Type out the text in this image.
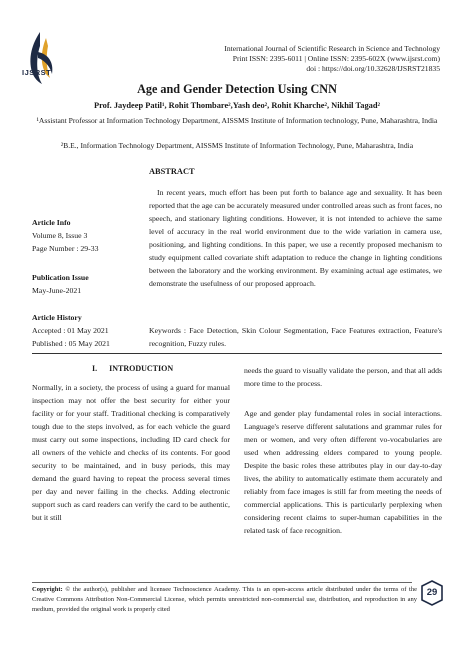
IJSRST
International Journal of Scientific Research in Science and Technology
Print ISSN: 2395-6011 | Online ISSN: 2395-602X (www.ijsrst.com)
doi : https://doi.org/10.32628/IJSRST21835
Age and Gender Detection Using CNN
Prof. Jaydeep Patil¹, Rohit Thombare²,Yash deo², Rohit Kharche², Nikhil Tagad²
¹Assistant Professor at Information Technology Department, AISSMS Institute of Information technology, Pune, Maharashtra, India
²B.E., Information Technology Department, AISSMS Institute of Information Technology, Pune, Maharashtra, India
ABSTRACT
In recent years, much effort has been put forth to balance age and sexuality. It has been reported that the age can be accurately measured under controlled areas such as front faces, no speech, and stationary lighting conditions. However, it is not intended to achieve the same level of accuracy in the real world environment due to the wide variation in camera use, positioning, and lighting conditions. In this paper, we use a recently proposed mechanism to study equipment called covariate shift adaptation to reduce the change in lighting conditions between the laboratory and the working environment. By examining actual age estimates, we demonstrate the usefulness of our proposed approach.
Keywords : Face Detection, Skin Colour Segmentation, Face Features extraction, Feature's recognition, Fuzzy rules.
Article Info
Volume 8, Issue 3
Page Number : 29-33
Publication Issue
May-June-2021
Article History
Accepted : 01 May 2021
Published : 05 May 2021
I. INTRODUCTION

Normally, in a society, the process of using a guard for manual inspection may not offer the best security for either your facility or for your staff. Traditional checking is comparatively tough due to the steps involved, as for each vehicle the guard must carry out some inspections, including ID card check for all owners of the vehicle and checks of its contents. For good security to be maintained, and in busy periods, this may demand the guard having to repeat the process several times per day and never failing in the checks. Adding electronic support such as card readers can verify the card to be authentic, but it still

needs the guard to visually validate the person, and that all adds more time to the process.

Age and gender play fundamental roles in social interactions. Language's reserve different salutations and grammar rules for men or women, and very often different vo-vocabularies are used when addressing elders compared to young people. Despite the basic roles these attributes play in our day-to-day lives, the ability to automatically estimate them accurately and reliably from face images is still far from meeting the needs of commercial applications. This is particularly perplexing when considering recent claims to super-human capabilities in the related task of face recognition.

Copyright: © the author(s), publisher and licensee Technoscience Academy. This is an open-access article distributed under the terms of the Creative Commons Attribution Non-Commercial License, which permits unrestricted non-commercial use, distribution, and reproduction in any medium, provided the original work is properly cited
29
